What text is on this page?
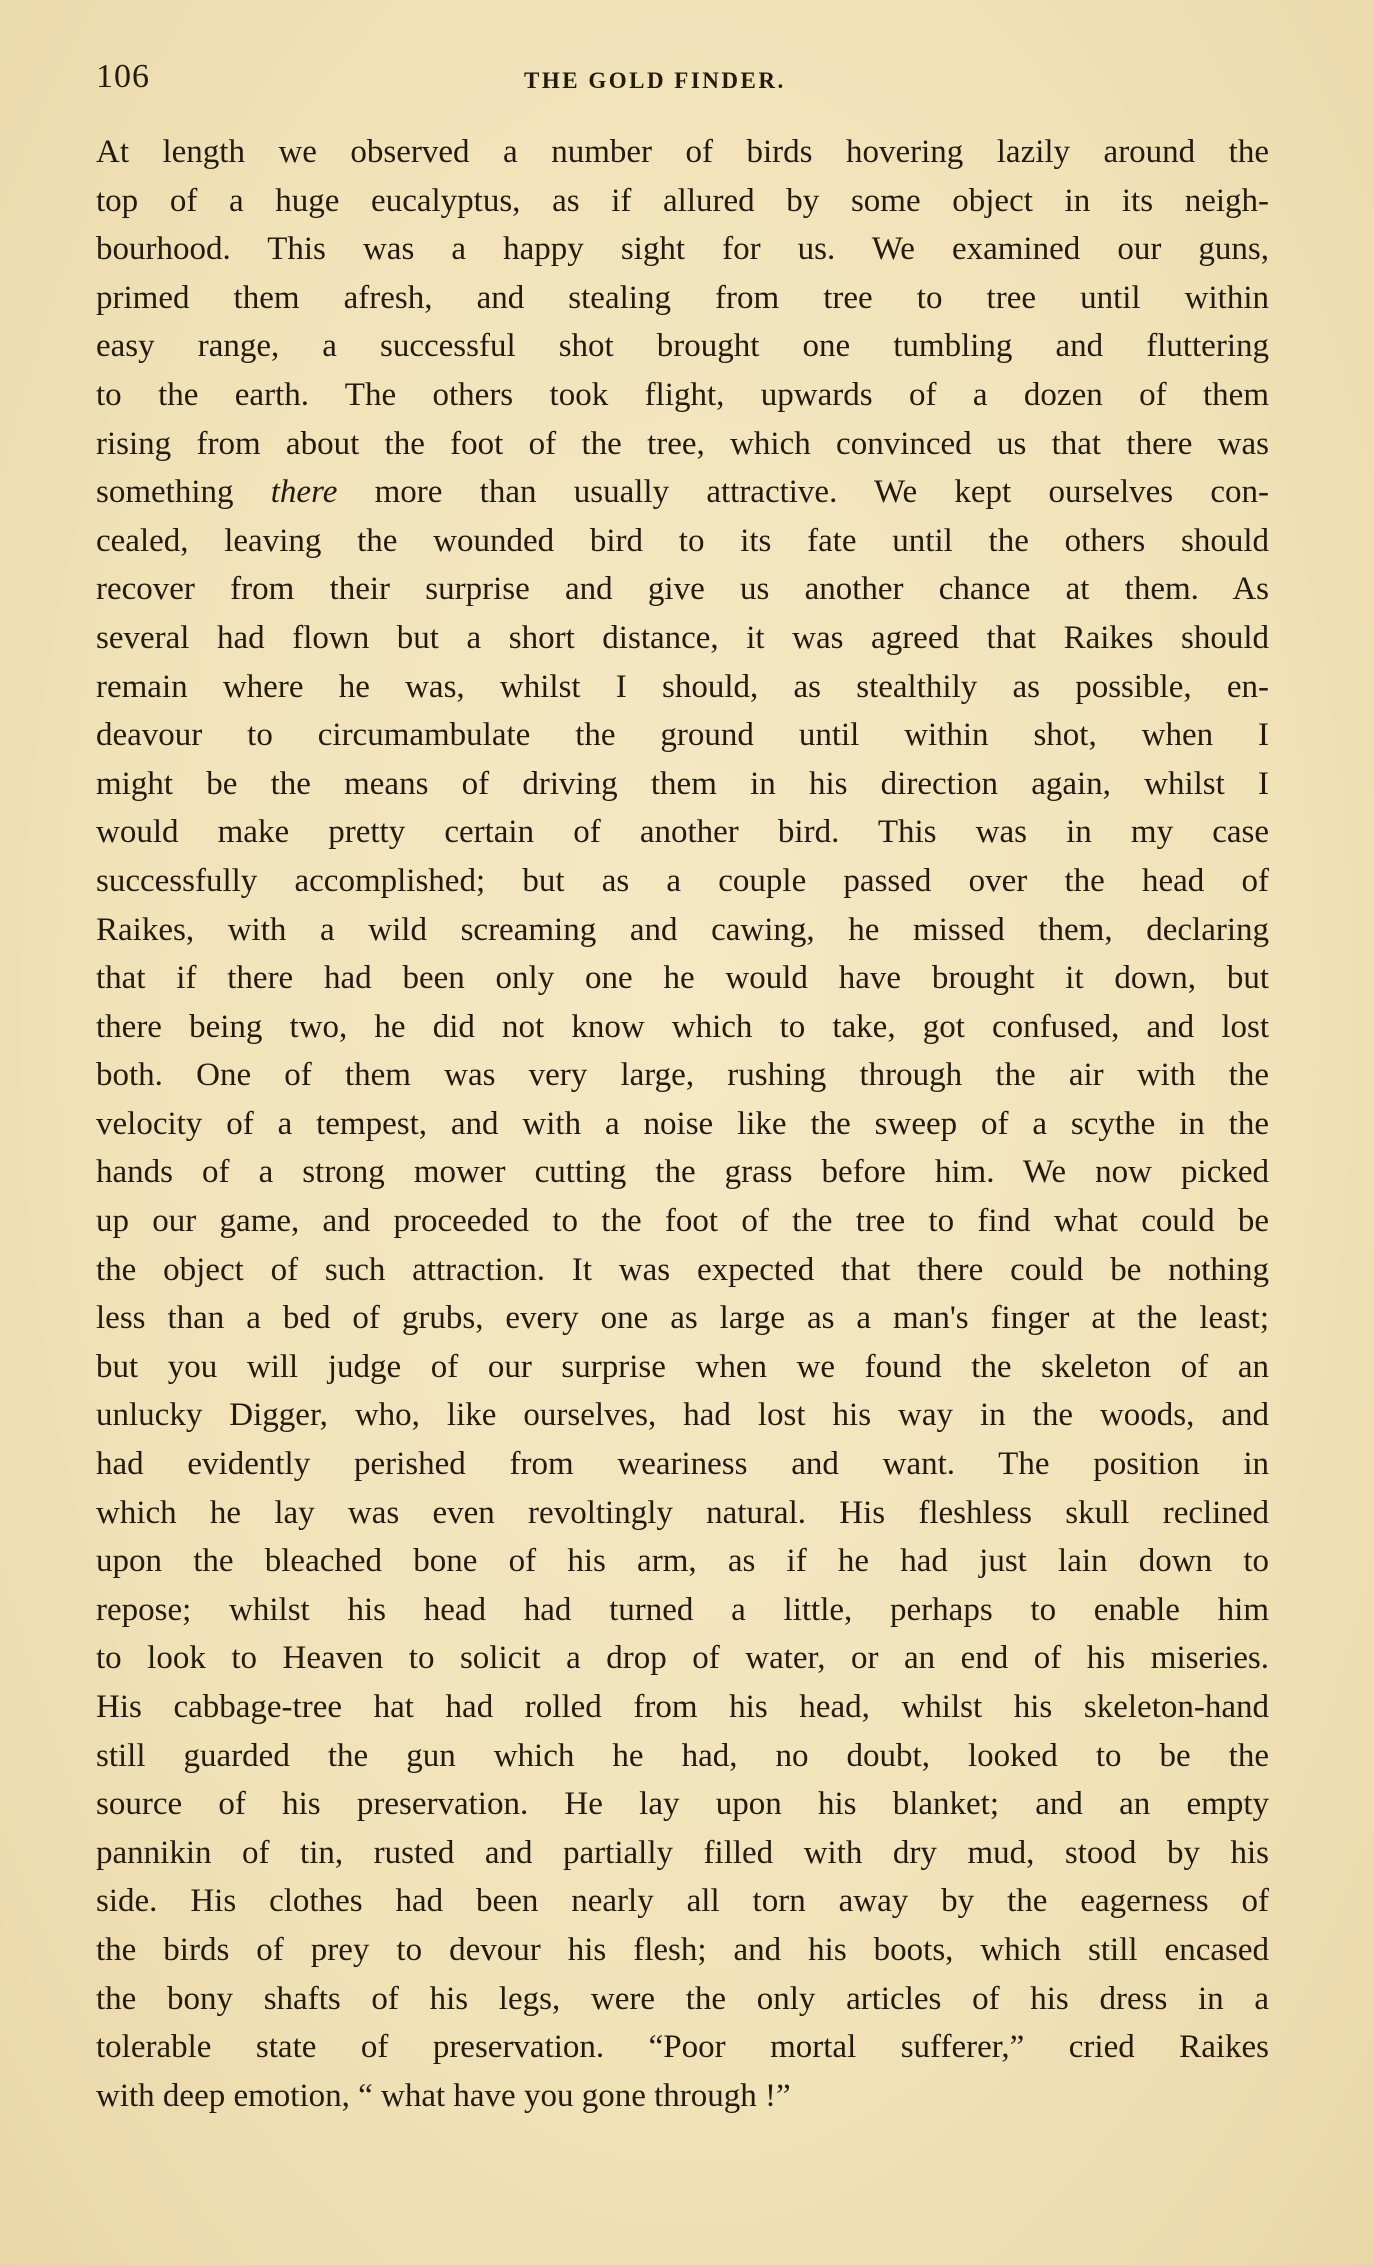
106	THE GOLD FINDER.
At length we observed a number of birds hovering lazily around the
top of a huge eucalyptus, as if allured by some object in its neigh-
bourhood. This was a happy sight for us. We examined our guns,
primed them afresh, and stealing from tree to tree until within
easy range, a successful shot brought one tumbling and fluttering
to the earth. The others took flight, upwards of a dozen of them
rising from about the foot of the tree, which convinced us that there was
something there more than usually attractive. We kept ourselves con-
cealed, leaving the wounded bird to its fate until the others should
recover from their surprise and give us another chance at them. As
several had flown but a short distance, it was agreed that Raikes should
remain where he was, whilst I should, as stealthily as possible, en-
deavour to circumambulate the ground until within shot, when I
might be the means of driving them in his direction again, whilst I
would make pretty certain of another bird. This was in my case
successfully accomplished; but as a couple passed over the head of
Raikes, with a wild screaming and cawing, he missed them, declaring
that if there had been only one he would have brought it down, but
there being two, he did not know which to take, got confused, and lost
both. One of them was very large, rushing through the air with the
velocity of a tempest, and with a noise like the sweep of a scythe in the
hands of a strong mower cutting the grass before him. We now picked
up our game, and proceeded to the foot of the tree to find what could be
the object of such attraction. It was expected that there could be nothing
less than a bed of grubs, every one as large as a man's finger at the least;
but you will judge of our surprise when we found the skeleton of an
unlucky Digger, who, like ourselves, had lost his way in the woods, and
had evidently perished from weariness and want. The position in
which he lay was even revoltingly natural. His fleshless skull reclined
upon the bleached bone of his arm, as if he had just lain down to
repose; whilst his head had turned a little, perhaps to enable him
to look to Heaven to solicit a drop of water, or an end of his miseries.
His cabbage-tree hat had rolled from his head, whilst his skeleton-hand
still guarded the gun which he had, no doubt, looked to be the
source of his preservation. He lay upon his blanket; and an empty
pannikin of tin, rusted and partially filled with dry mud, stood by his
side. His clothes had been nearly all torn away by the eagerness of
the birds of prey to devour his flesh; and his boots, which still encased
the bony shafts of his legs, were the only articles of his dress in a
tolerable state of preservation. “Poor mortal sufferer,” cried Raikes
with deep emotion, “ what have you gone through !”
